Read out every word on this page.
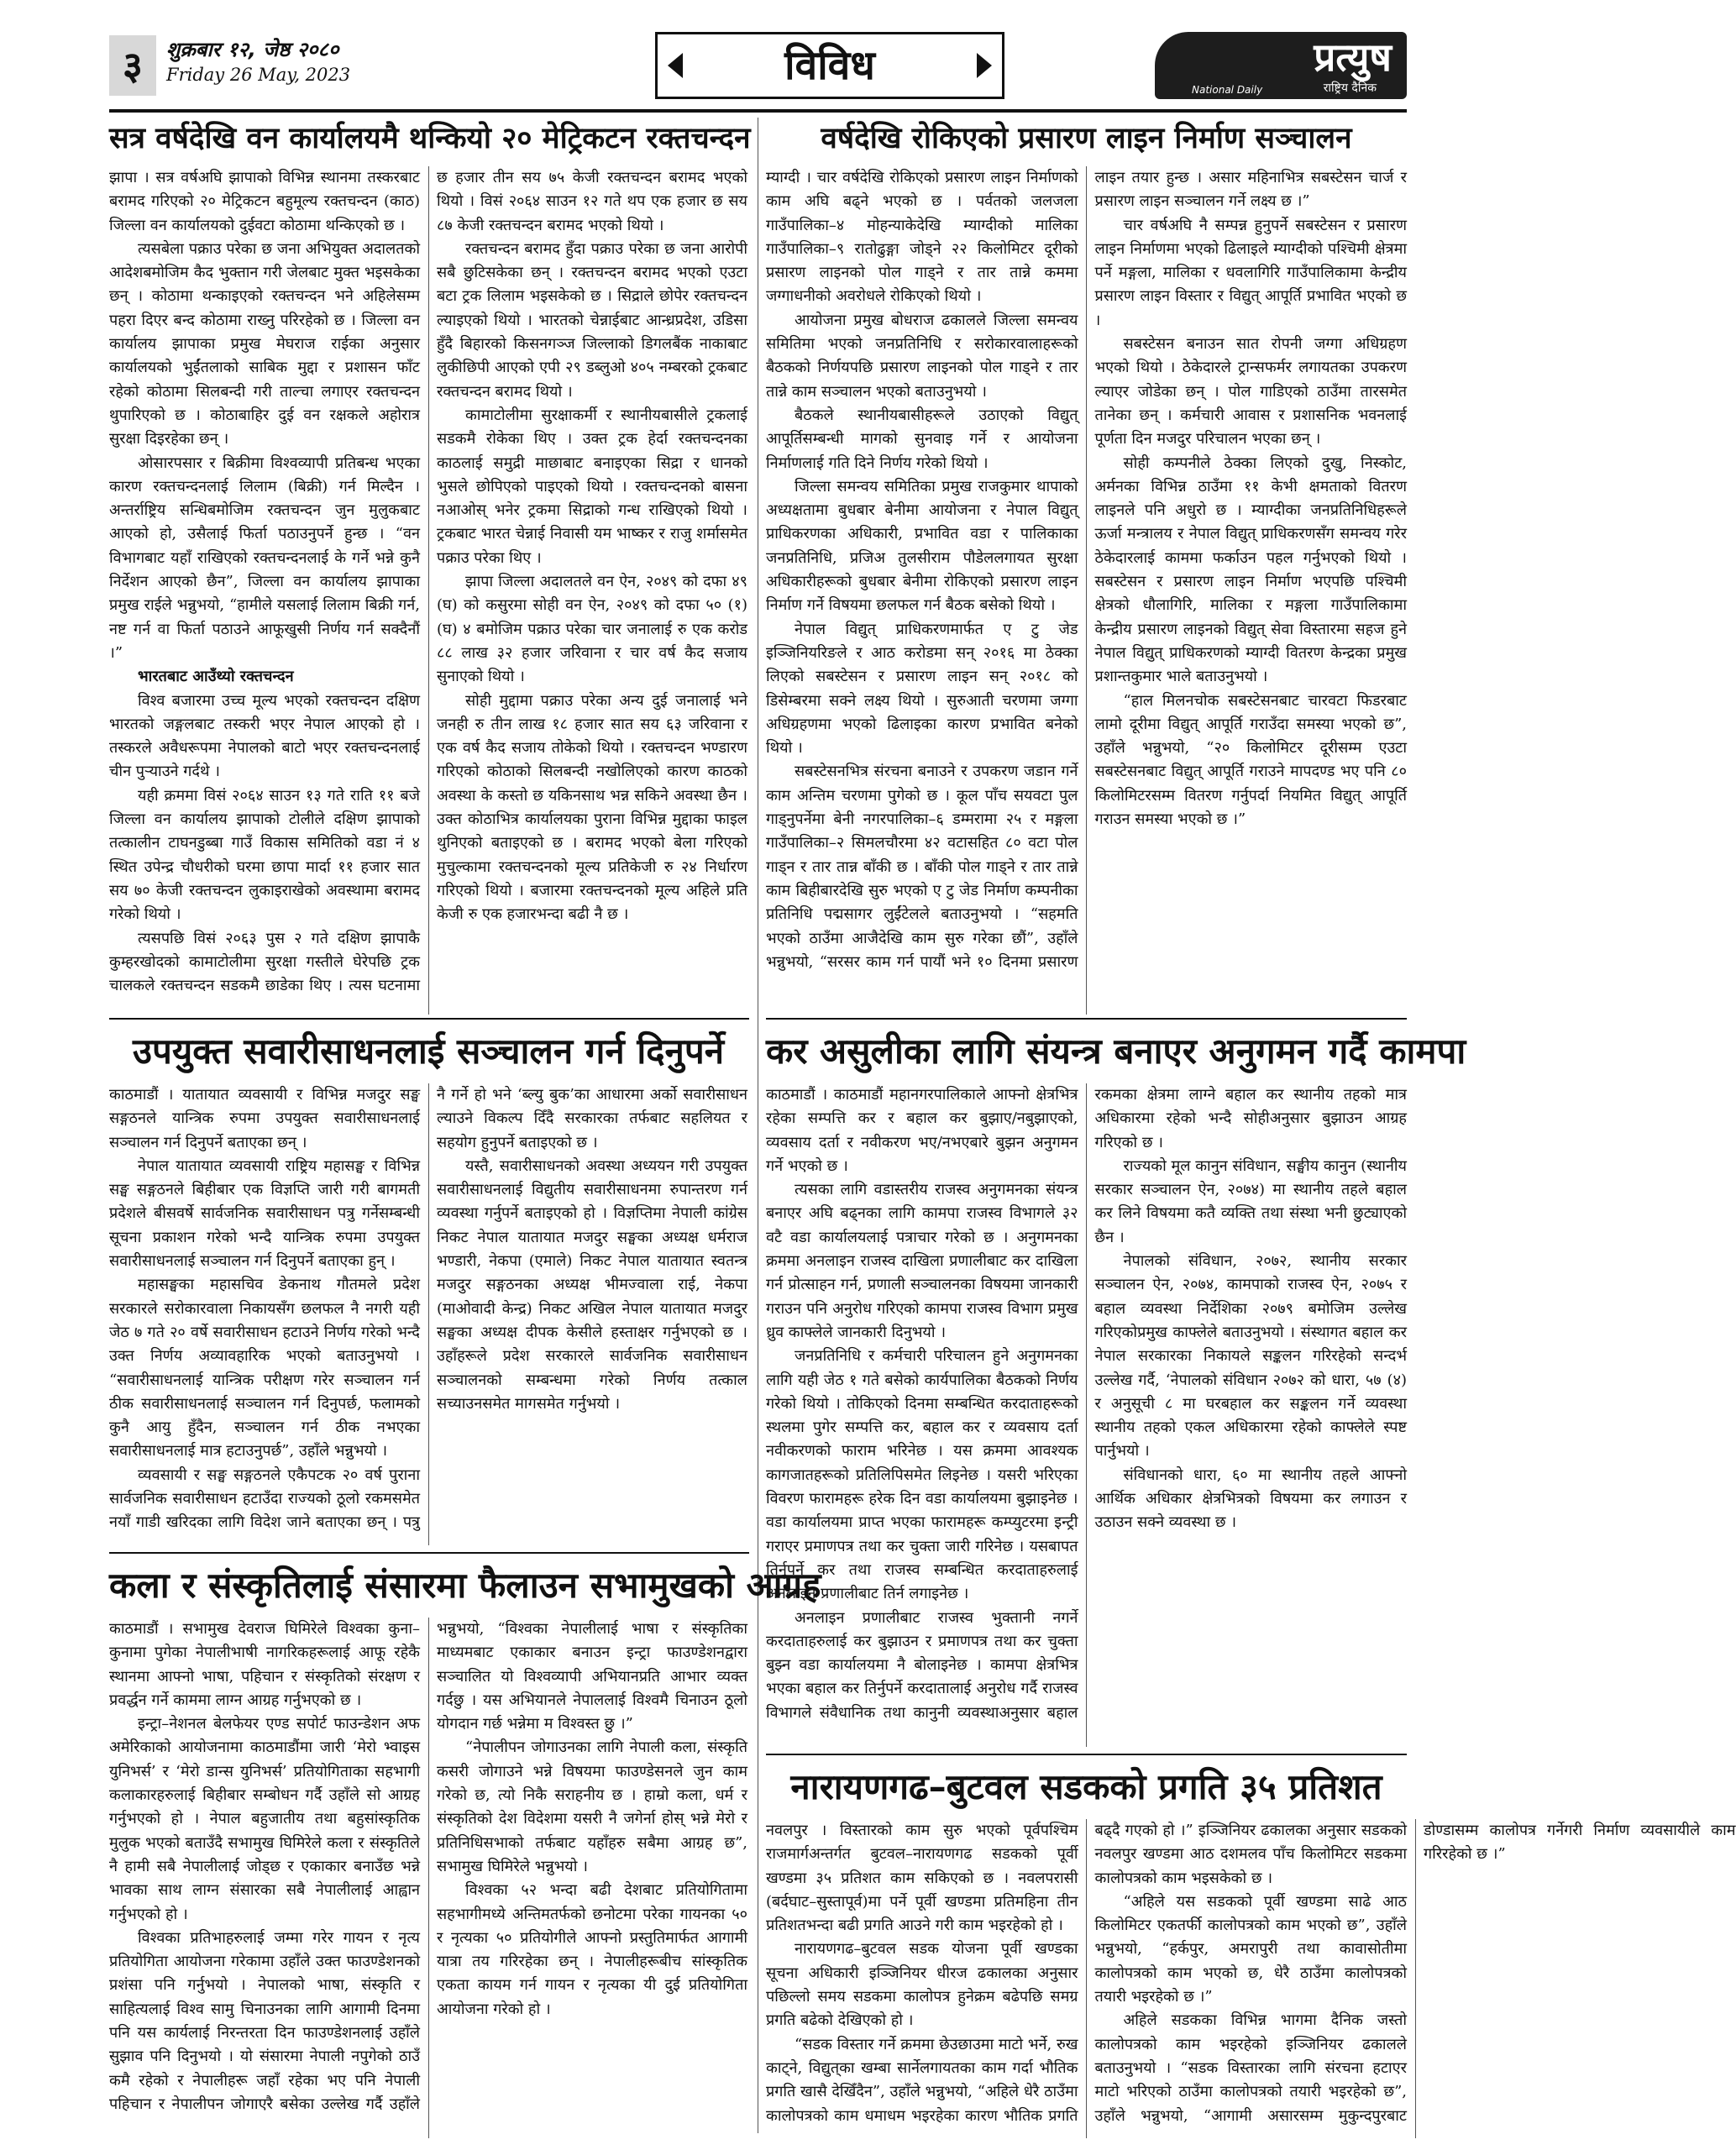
३	शुक्रबार १२, जेष्ठ २०८०
Friday 26 May, 2023	विविध	प्रत्युष
National Daily	राष्ट्रिय दैनिक
सत्र वर्षदेखि वन कार्यालयमै थन्कियो २० मेट्रिकटन रक्तचन्दन

झापा । सत्र वर्षअघि झापाको विभिन्न स्थानमा तस्करबाट बरामद गरिएको २० मेट्रिकटन बहुमूल्य रक्तचन्दन (काठ) जिल्ला वन कार्यालयको दुईवटा कोठामा थन्किएको छ ।

त्यसबेला पक्राउ परेका छ जना अभियुक्त अदालतको आदेशबमोजिम कैद भुक्तान गरी जेलबाट मुक्त भइसकेका छन् । कोठामा थन्काइएको रक्तचन्दन भने अहिलेसम्म पहरा दिएर बन्द कोठामा राख्नु परिरहेको छ । जिल्ला वन कार्यालय झापाका प्रमुख मेघराज राईका अनुसार कार्यालयको भुईंतलाको साबिक मुद्दा र प्रशासन फाँट रहेको कोठामा सिलबन्दी गरी ताल्चा लगाएर रक्तचन्दन थुपारिएको छ । कोठाबाहिर दुई वन रक्षकले अहोरात्र सुरक्षा दिइरहेका छन् ।

ओसारपसार र बिक्रीमा विश्वव्यापी प्रतिबन्ध भएका कारण रक्तचन्दनलाई लिलाम (बिक्री) गर्न मिल्दैन । अन्तर्राष्ट्रिय सन्धिबमोजिम रक्तचन्दन जुन मुलुकबाट आएको हो, उसैलाई फिर्ता पठाउनुपर्ने हुन्छ । “वन विभागबाट यहाँ राखिएको रक्तचन्दनलाई के गर्ने भन्ने कुनै निर्देशन आएको छैन”, जिल्ला वन कार्यालय झापाका प्रमुख राईले भन्नुभयो, “हामीले यसलाई लिलाम बिक्री गर्न, नष्ट गर्न वा फिर्ता पठाउने आफूखुसी निर्णय गर्न सक्दैनौं ।”

भारतबाट आउँथ्यो रक्तचन्दन

विश्व बजारमा उच्च मूल्य भएको रक्तचन्दन दक्षिण भारतको जङ्गलबाट तस्करी भएर नेपाल आएको हो । तस्करले अवैधरूपमा नेपालको बाटो भएर रक्तचन्दनलाई चीन पुर्‍याउने गर्दथे ।

यही क्रममा विसं २०६४ साउन १३ गते राति ११ बजे जिल्ला वन कार्यालय झापाको टोलीले दक्षिण झापाको तत्कालीन टाघनडुब्बा गाउँ विकास समितिको वडा नं ४ स्थित उपेन्द्र चौधरीको घरमा छापा मार्दा ११ हजार सात सय ७० केजी रक्तचन्दन लुकाइराखेको अवस्थामा बरामद गरेको थियो ।

त्यसपछि विसं २०६३ पुस २ गते दक्षिण झापाकै कुम्हरखोदको कामाटोलीमा सुरक्षा गस्तीले घेरेपछि ट्रक चालकले रक्तचन्दन सडकमै छाडेका थिए । त्यस घटनामा छ हजार तीन सय ७५ केजी रक्तचन्दन बरामद भएको थियो । विसं २०६४ साउन १२ गते थप एक हजार छ सय ८७ केजी रक्तचन्दन बरामद भएको थियो ।

रक्तचन्दन बरामद हुँदा पक्राउ परेका छ जना आरोपी सबै छुटिसकेका छन् । रक्तचन्दन बरामद भएको एउटा बटा ट्रक लिलाम भइसकेको छ । सिद्राले छोपेर रक्तचन्दन ल्याइएको थियो । भारतको चेन्नाईबाट आन्ध्रप्रदेश, उडिसा हुँदै बिहारको किसनगञ्ज जिल्लाको डिगलबैंक नाकाबाट लुकीछिपी आएको एपी २९ डब्लुओ ४०५ नम्बरको ट्रकबाट रक्तचन्दन बरामद थियो ।

कामाटोलीमा सुरक्षाकर्मी र स्थानीयबासीले ट्रकलाई सडकमै रोकेका थिए । उक्त ट्रक हेर्दा रक्तचन्दनका काठलाई समुद्री माछाबाट बनाइएका सिद्रा र धानको भुसले छोपिएको पाइएको थियो । रक्तचन्दनको बासना नआओस् भनेर ट्रकमा सिद्राको गन्ध राखिएको थियो । ट्रकबाट भारत चेन्नाई निवासी यम भाष्कर र राजु शर्मासमेत पक्राउ परेका थिए ।

झापा जिल्ला अदालतले वन ऐन, २०४९ को दफा ४९ (घ) को कसुरमा सोही वन ऐन, २०४९ को दफा ५० (१) (घ) ४ बमोजिम पक्राउ परेका चार जनालाई रु एक करोड ८८ लाख ३२ हजार जरिवाना र चार वर्ष कैद सजाय सुनाएको थियो ।

सोही मुद्दामा पक्राउ परेका अन्य दुई जनालाई भने जनही रु तीन लाख १८ हजार सात सय ६३ जरिवाना र एक वर्ष कैद सजाय तोकेको थियो । रक्तचन्दन भण्डारण गरिएको कोठाको सिलबन्दी नखोलिएको कारण काठको अवस्था के कस्तो छ यकिनसाथ भन्न सकिने अवस्था छैन । उक्त कोठाभित्र कार्यालयका पुराना विभिन्न मुद्दाका फाइल थुनिएको बताइएको छ । बरामद भएको बेला गरिएको मुचुल्कामा रक्तचन्दनको मूल्य प्रतिकेजी रु २४ निर्धारण गरिएको थियो । बजारमा रक्तचन्दनको मूल्य अहिले प्रति केजी रु एक हजारभन्दा बढी नै छ ।

वर्षदेखि रोकिएको प्रसारण लाइन निर्माण सञ्चालन

म्याग्दी । चार वर्षदेखि रोकिएको प्रसारण लाइन निर्माणको काम अघि बढ्ने भएको छ । पर्वतको जलजला गाउँपालिका–४ मोहन्याकेदेखि म्याग्दीको मालिका गाउँपालिका–९ रातोढुङ्गा जोड्ने २२ किलोमिटर दूरीको प्रसारण लाइनको पोल गाड्ने र तार तान्ने कममा जग्गाधनीको अवरोधले रोकिएको थियो ।

आयोजना प्रमुख बोधराज ढकालले जिल्ला समन्वय समितिमा भएको जनप्रतिनिधि र सरोकारवालाहरूको बैठकको निर्णयपछि प्रसारण लाइनको पोल गाड्ने र तार तान्ने काम सञ्चालन भएको बताउनुभयो ।

बैठकले स्थानीयबासीहरूले उठाएको विद्युत् आपूर्तिसम्बन्धी मागको सुनवाइ गर्ने र आयोजना निर्माणलाई गति दिने निर्णय गरेको थियो ।

जिल्ला समन्वय समितिका प्रमुख राजकुमार थापाको अध्यक्षतामा बुधबार बेनीमा आयोजना र नेपाल विद्युत् प्राधिकरणका अधिकारी, प्रभावित वडा र पालिकाका जनप्रतिनिधि, प्रजिअ तुलसीराम पौडेललगायत सुरक्षा अधिकारीहरूको बुधबार बेनीमा रोकिएको प्रसारण लाइन निर्माण गर्ने विषयमा छलफल गर्न बैठक बसेको थियो ।

नेपाल विद्युत् प्राधिकरणमार्फत ए टु जेड इञ्जिनियरिङले र आठ करोडमा सन् २०१६ मा ठेक्का लिएको सबस्टेसन र प्रसारण लाइन सन् २०१८ को डिसेम्बरमा सक्ने लक्ष्य थियो । सुरुआती चरणमा जग्गा अधिग्रहणमा भएको ढिलाइका कारण प्रभावित बनेको थियो ।

सबस्टेसनभित्र संरचना बनाउने र उपकरण जडान गर्ने काम अन्तिम चरणमा पुगेको छ । कूल पाँच सयवटा पुल गाड्नुपर्नेमा बेनी नगरपालिका–६ डम्मरामा २५ र मङ्गला गाउँपालिका–२ सिमलचौरमा ४२ वटासहित ८० वटा पोल गाड्न र तार तान्न बाँकी छ । बाँकी पोल गाड्ने र तार तान्ने काम बिहीबारदेखि सुरु भएको ए टु जेड निर्माण कम्पनीका प्रतिनिधि पद्मसागर लुईंटेलले बताउनुभयो । “सहमति भएको ठाउँमा आजैदेखि काम सुरु गरेका छौं”, उहाँले भन्नुभयो, “सरसर काम गर्न पायौं भने १० दिनमा प्रसारण लाइन तयार हुन्छ । असार महिनाभित्र सबस्टेसन चार्ज र प्रसारण लाइन सञ्चालन गर्ने लक्ष्य छ ।”

चार वर्षअघि नै सम्पन्न हुनुपर्ने सबस्टेसन र प्रसारण लाइन निर्माणमा भएको ढिलाइले म्याग्दीको पश्चिमी क्षेत्रमा पर्ने मङ्गला, मालिका र धवलागिरि गाउँपालिकामा केन्द्रीय प्रसारण लाइन विस्तार र विद्युत् आपूर्ति प्रभावित भएको छ ।

सबस्टेसन बनाउन सात रोपनी जग्गा अधिग्रहण भएको थियो । ठेकेदारले ट्रान्सफर्मर लगायतका उपकरण ल्याएर जोडेका छन् । पोल गाडिएको ठाउँमा तारसमेत तानेका छन् । कर्मचारी आवास र प्रशासनिक भवनलाई पूर्णता दिन मजदुर परिचालन भएका छन् ।

सोही कम्पनीले ठेक्का लिएको दुखु, निस्कोट, अर्मनका विभिन्न ठाउँमा ११ केभी क्षमताको वितरण लाइनले पनि अधुरो छ । म्याग्दीका जनप्रतिनिधिहरूले ऊर्जा मन्त्रालय र नेपाल विद्युत् प्राधिकरणसँग समन्वय गरेर ठेकेदारलाई काममा फर्काउन पहल गर्नुभएको थियो । सबस्टेसन र प्रसारण लाइन निर्माण भएपछि पश्चिमी क्षेत्रको धौलागिरि, मालिका र मङ्गला गाउँपालिकामा केन्द्रीय प्रसारण लाइनको विद्युत् सेवा विस्तारमा सहज हुने नेपाल विद्युत् प्राधिकरणको म्याग्दी वितरण केन्द्रका प्रमुख प्रशान्तकुमार भाले बताउनुभयो ।

“हाल मिलनचोक सबस्टेसनबाट चारवटा फिडरबाट लामो दूरीमा विद्युत् आपूर्ति गराउँदा समस्या भएको छ”, उहाँले भन्नुभयो, “२० किलोमिटर दूरीसम्म एउटा सबस्टेसनबाट विद्युत् आपूर्ति गराउने मापदण्ड भए पनि ८० किलोमिटरसम्म वितरण गर्नुपर्दा नियमित विद्युत् आपूर्ति गराउन समस्या भएको छ ।”

उपयुक्त सवारीसाधनलाई सञ्चालन गर्न दिनुपर्ने

काठमाडौं । यातायात व्यवसायी र विभिन्न मजदुर सङ्घ सङ्गठनले यान्त्रिक रुपमा उपयुक्त सवारीसाधनलाई सञ्चालन गर्न दिनुपर्ने बताएका छन् ।

नेपाल यातायात व्यवसायी राष्ट्रिय महासङ्घ र विभिन्न सङ्घ सङ्गठनले बिहीबार एक विज्ञप्ति जारी गरी बागमती प्रदेशले बीसवर्षे सार्वजनिक सवारीसाधन पत्रु गर्नेसम्बन्धी सूचना प्रकाशन गरेको भन्दै यान्त्रिक रुपमा उपयुक्त सवारीसाधनलाई सञ्चालन गर्न दिनुपर्ने बताएका हुन् ।

महासङ्घका महासचिव डेकनाथ गौतमले प्रदेश सरकारले सरोकारवाला निकायसँग छलफल नै नगरी यही जेठ ७ गते २० वर्षे सवारीसाधन हटाउने निर्णय गरेको भन्दै उक्त निर्णय अव्यावहारिक भएको बताउनुभयो । “सवारीसाधनलाई यान्त्रिक परीक्षण गरेर सञ्चालन गर्न ठीक सवारीसाधनलाई सञ्चालन गर्न दिनुपर्छ, फलामको कुनै आयु हुँदैन, सञ्चालन गर्न ठीक नभएका सवारीसाधनलाई मात्र हटाउनुपर्छ”, उहाँले भन्नुभयो ।

व्यवसायी र सङ्घ सङ्गठनले एकैपटक २० वर्ष पुराना सार्वजनिक सवारीसाधन हटाउँदा राज्यको ठूलो रकमसमेत नयाँ गाडी खरिदका लागि विदेश जाने बताएका छन् । पत्रु नै गर्ने हो भने ‘ब्ल्यु बुक’का आधारमा अर्को सवारीसाधन ल्याउने विकल्प दिँदै सरकारका तर्फबाट सहलियत र सहयोग हुनुपर्ने बताइएको छ ।

यस्तै, सवारीसाधनको अवस्था अध्ययन गरी उपयुक्त सवारीसाधनलाई विद्युतीय सवारीसाधनमा रुपान्तरण गर्न व्यवस्था गर्नुपर्ने बताइएको हो । विज्ञप्तिमा नेपाली कांग्रेस निकट नेपाल यातायात मजदुर सङ्घका अध्यक्ष धर्मराज भण्डारी, नेकपा (एमाले) निकट नेपाल यातायात स्वतन्त्र मजदुर सङ्गठनका अध्यक्ष भीमज्वाला राई, नेकपा (माओवादी केन्द्र) निकट अखिल नेपाल यातायात मजदुर सङ्घका अध्यक्ष दीपक केसीले हस्ताक्षर गर्नुभएको छ । उहाँहरूले प्रदेश सरकारले सार्वजनिक सवारीसाधन सञ्चालनको सम्बन्धमा गरेको निर्णय तत्काल सच्याउनसमेत मागसमेत गर्नुभयो ।

कर असुलीका लागि संयन्त्र बनाएर अनुगमन गर्दै कामपा

काठमाडौं । काठमाडौं महानगरपालिकाले आफ्नो क्षेत्रभित्र रहेका सम्पत्ति कर र बहाल कर बुझाए/नबुझाएको, व्यवसाय दर्ता र नवीकरण भए/नभएबारे बुझन अनुगमन गर्ने भएको छ ।

त्यसका लागि वडास्तरीय राजस्व अनुगमनका संयन्त्र बनाएर अघि बढ्नका लागि कामपा राजस्व विभागले ३२ वटै वडा कार्यालयलाई पत्राचार गरेको छ । अनुगमनका क्रममा अनलाइन राजस्व दाखिला प्रणालीबाट कर दाखिला गर्न प्रोत्साहन गर्न, प्रणाली सञ्चालनका विषयमा जानकारी गराउन पनि अनुरोध गरिएको कामपा राजस्व विभाग प्रमुख ध्रुव काफ्लेले जानकारी दिनुभयो ।

जनप्रतिनिधि र कर्मचारी परिचालन हुने अनुगमनका लागि यही जेठ १ गते बसेको कार्यपालिका बैठकको निर्णय गरेको थियो । तोकिएको दिनमा सम्बन्धित करदाताहरूको स्थलमा पुगेर सम्पत्ति कर, बहाल कर र व्यवसाय दर्ता नवीकरणको फाराम भरिनेछ । यस क्रममा आवश्यक कागजातहरूको प्रतिलिपिसमेत लिइनेछ । यसरी भरिएका विवरण फारामहरू हरेक दिन वडा कार्यालयमा बुझाइनेछ । वडा कार्यालयमा प्राप्त भएका फारामहरू कम्प्युटरमा इन्ट्री गराएर प्रमाणपत्र तथा कर चुक्ता जारी गरिनेछ । यसबापत तिर्नुपर्ने कर तथा राजस्व सम्बन्धित करदाताहरुलाई अनलाइन प्रणालीबाट तिर्न लगाइनेछ ।

अनलाइन प्रणालीबाट राजस्व भुक्तानी नगर्ने करदाताहरुलाई कर बुझाउन र प्रमाणपत्र तथा कर चुक्ता बुझ्न वडा कार्यालयमा नै बोलाइनेछ । कामपा क्षेत्रभित्र भएका बहाल कर तिर्नुपर्ने करदातालाई अनुरोध गर्दै राजस्व विभागले संवैधानिक तथा कानुनी व्यवस्थाअनुसार बहाल रकमका क्षेत्रमा लाग्ने बहाल कर स्थानीय तहको मात्र अधिकारमा रहेको भन्दै सोहीअनुसार बुझाउन आग्रह गरिएको छ ।

राज्यको मूल कानुन संविधान, सङ्घीय कानुन (स्थानीय सरकार सञ्चालन ऐन, २०७४) मा स्थानीय तहले बहाल कर लिने विषयमा कतै व्यक्ति तथा संस्था भनी छुट्याएको छैन ।

नेपालको संविधान, २०७२, स्थानीय सरकार सञ्चालन ऐन, २०७४, कामपाको राजस्व ऐन, २०७५ र बहाल व्यवस्था निर्देशिका २०७९ बमोजिम उल्लेख गरिएकोप्रमुख काफ्लेले बताउनुभयो । संस्थागत बहाल कर नेपाल सरकारका निकायले सङ्कलन गरिरहेको सन्दर्भ उल्लेख गर्दै, ‘नेपालको संविधान २०७२ को धारा, ५७ (४) र अनुसूची ८ मा घरबहाल कर सङ्कलन गर्ने व्यवस्था स्थानीय तहको एकल अधिकारमा रहेको काफ्लेले स्पष्ट पार्नुभयो ।

संविधानको धारा, ६० मा स्थानीय तहले आफ्नो आर्थिक अधिकार क्षेत्रभित्रको विषयमा कर लगाउन र उठाउन सक्ने व्यवस्था छ ।

कला र संस्कृतिलाई संसारमा फैलाउन सभामुखको आग्रह

काठमाडौं । सभामुख देवराज घिमिरेले विश्वका कुना–कुनामा पुगेका नेपालीभाषी नागरिकहरूलाई आफू रहेकै स्थानमा आफ्नो भाषा, पहिचान र संस्कृतिको संरक्षण र प्रवर्द्धन गर्ने काममा लाग्न आग्रह गर्नुभएको छ ।

इन्ट्रा–नेशनल बेलफेयर एण्ड सपोर्ट फाउन्डेशन अफ अमेरिकाको आयोजनामा काठमाडौंमा जारी ‘मेरो भ्वाइस युनिभर्स’ र ‘मेरो डान्स युनिभर्स’ प्रतियोगिताका सहभागी कलाकारहरुलाई बिहीबार सम्बोधन गर्दै उहाँले सो आग्रह गर्नुभएको हो । नेपाल बहुजातीय तथा बहुसांस्कृतिक मुलुक भएको बताउँदै सभामुख घिमिरेले कला र संस्कृतिले नै हामी सबै नेपालीलाई जोड्छ र एकाकार बनाउँछ भन्ने भावका साथ लाग्न संसारका सबै नेपालीलाई आह्वान गर्नुभएको हो ।

विश्वका प्रतिभाहरुलाई जम्मा गरेर गायन र नृत्य प्रतियोगिता आयोजना गरेकामा उहाँले उक्त फाउण्डेशनको प्रशंसा पनि गर्नुभयो । नेपालको भाषा, संस्कृति र साहित्यलाई विश्व सामु चिनाउनका लागि आगामी दिनमा पनि यस कार्यलाई निरन्तरता दिन फाउण्डेशनलाई उहाँले सुझाव पनि दिनुभयो । यो संसारमा नेपाली नपुगेको ठाउँ कमै रहेको र नेपालीहरू जहाँ रहेका भए पनि नेपाली पहिचान र नेपालीपन जोगाएरै बसेका उल्लेख गर्दै उहाँले भन्नुभयो, “विश्वका नेपालीलाई भाषा र संस्कृतिका माध्यमबाट एकाकार बनाउन इन्ट्रा फाउण्डेशनद्वारा सञ्चालित यो विश्वव्यापी अभियानप्रति आभार व्यक्त गर्दछु । यस अभियानले नेपाललाई विश्वमै चिनाउन ठूलो योगदान गर्छ भन्नेमा म विश्वस्त छु ।”

“नेपालीपन जोगाउनका लागि नेपाली कला, संस्कृति कसरी जोगाउने भन्ने विषयमा फाउण्डेसनले जुन काम गरेको छ, त्यो निकै सराहनीय छ । हाम्रो कला, धर्म र संस्कृतिको देश विदेशमा यसरी नै जगेर्ना होस् भन्ने मेरो र प्रतिनिधिसभाको तर्फबाट यहाँहरु सबैमा आग्रह छ”, सभामुख घिमिरेले भन्नुभयो ।

विश्वका ५२ भन्दा बढी देशबाट प्रतियोगितामा सहभागीमध्ये अन्तिमतर्फको छनोटमा परेका गायनका ५० र नृत्यका ५० प्रतियोगीले आफ्नो प्रस्तुतिमार्फत आगामी यात्रा तय गरिरहेका छन् । नेपालीहरूबीच सांस्कृतिक एकता कायम गर्न गायन र नृत्यका यी दुई प्रतियोगिता आयोजना गरेको हो ।

नारायणगढ–बुटवल सडकको प्रगति ३५ प्रतिशत

नवलपुर । विस्तारको काम सुरु भएको पूर्वपश्चिम राजमार्गअन्तर्गत बुटवल–नारायणगढ सडकको पूर्वी खण्डमा ३५ प्रतिशत काम सकिएको छ । नवलपरासी (बर्दघाट–सुस्तापूर्व)मा पर्ने पूर्वी खण्डमा प्रतिमहिना तीन प्रतिशतभन्दा बढी प्रगति आउने गरी काम भइरहेको हो ।

नारायणगढ–बुटवल सडक योजना पूर्वी खण्डका सूचना अधिकारी इञ्जिनियर धीरज ढकालका अनुसार पछिल्लो समय सडकमा कालोपत्र हुनेक्रम बढेपछि समग्र प्रगति बढेको देखिएको हो ।

“सडक विस्तार गर्ने क्रममा छेउछाउमा माटो भर्ने, रुख काट्ने, विद्युत्‌का खम्बा सार्नेलगायतका काम गर्दा भौतिक प्रगति खासै देखिँदैन”, उहाँले भन्नुभयो, “अहिले धेरै ठाउँमा कालोपत्रको काम धमाधम भइरहेका कारण भौतिक प्रगति बढ्दै गएको हो ।” इञ्जिनियर ढकालका अनुसार सडकको नवलपुर खण्डमा आठ दशमलव पाँच किलोमिटर सडकमा कालोपत्रको काम भइसकेको छ ।

“अहिले यस सडकको पूर्वी खण्डमा साढे आठ किलोमिटर एकतर्फी कालोपत्रको काम भएको छ”, उहाँले भन्नुभयो, “हर्कपुर, अमरापुरी तथा कावासोतीमा कालोपत्रको काम भएको छ, धेरै ठाउँमा कालोपत्रको तयारी भइरहेको छ ।”

अहिले सडकका विभिन्न भागमा दैनिक जस्तो कालोपत्रको काम भइरहेको इञ्जिनियर ढकालले बताउनुभयो । “सडक विस्तारका लागि संरचना हटाएर माटो भरिएको ठाउँमा कालोपत्रको तयारी भइरहेको छ”, उहाँले भन्नुभयो, “आगामी असारसम्म मुकुन्दपुरबाट डोण्डासम्म कालोपत्र गर्नेगरी निर्माण व्यवसायीले काम गरिरहेको छ ।”
